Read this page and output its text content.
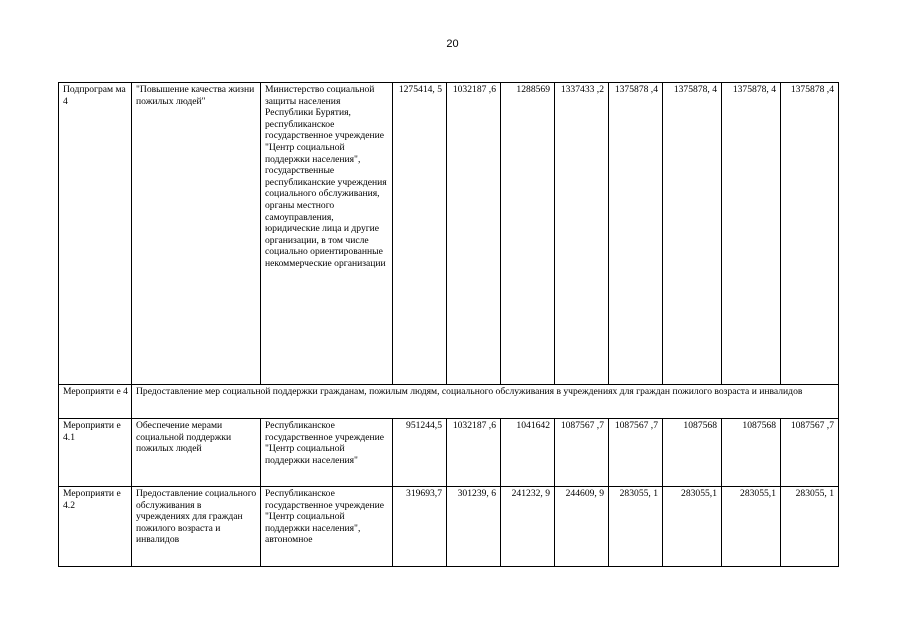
20
Подпрограм ма 4	"Повышение качества жизни пожилых людей"	Министерство социальной защиты населения Республики Бурятия, республиканское государственное учреждение "Центр социальной поддержки населения", государственные республиканские учреждения социального обслуживания, органы местного самоуправления, юридические лица и другие организации, в том числе социально ориентированные некоммерческие организации	1275414, 5	1032187 ,6	1288569	1337433 ,2	1375878 ,4	1375878, 4	1375878, 4	1375878 ,4
Мероприяти е 4	Предоставление мер социальной поддержки гражданам, пожилым людям, социального обслуживания в учреждениях для граждан пожилого возраста и инвалидов									
Мероприяти е 4.1	Обеспечение мерами социальной поддержки пожилых людей	Республиканское государственное учреждение "Центр социальной поддержки населения"	951244,5	1032187 ,6	1041642	1087567 ,7	1087567 ,7	1087568	1087568	1087567 ,7
Мероприяти е 4.2	Предоставление социального обслуживания в учреждениях для граждан пожилого возраста и инвалидов	Республиканское государственное учреждение "Центр социальной поддержки населения", автономное	319693,7	301239, 6	241232, 9	244609, 9	283055, 1	283055,1	283055,1	283055, 1
